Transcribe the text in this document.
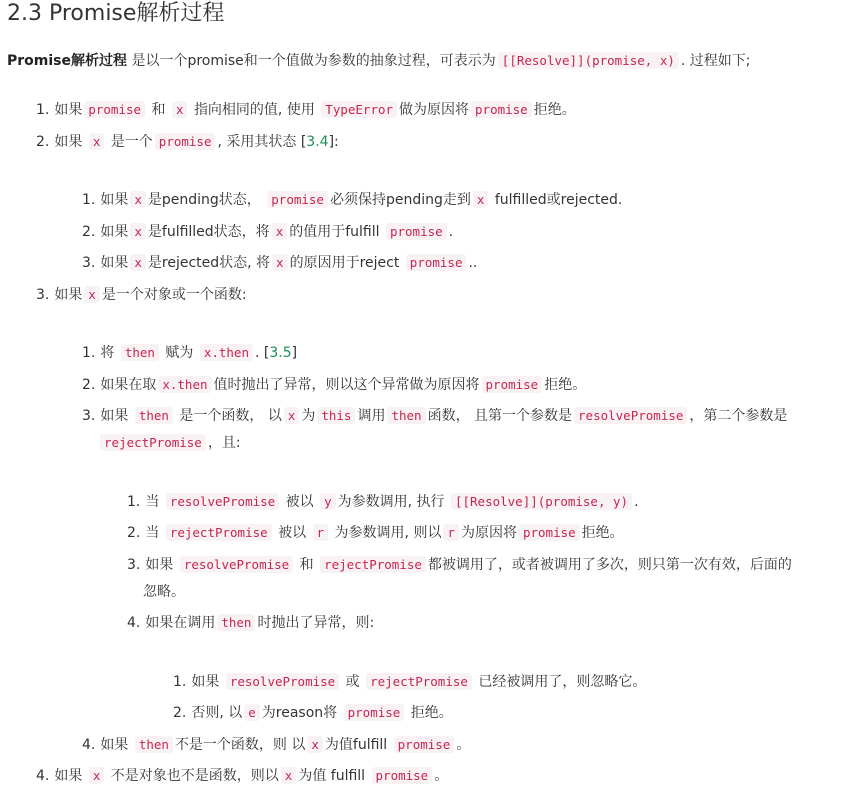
2.3 Promise解析过程
Promise解析过程 是以一个promise和一个值做为参数的抽象过程，可表示为 [[Resolve]](promise, x) . 过程如下;
1. 如果 promise 和 x 指向相同的值, 使用 TypeError 做为原因将 promise 拒绝。
2. 如果 x 是一个 promise , 采用其状态 [3.4]:
1. 如果 x 是pending状态， promise 必须保持pending走到 x fulfilled或rejected.
2. 如果 x 是fulfilled状态，将 x 的值用于fulfill promise .
3. 如果 x 是rejected状态, 将 x 的原因用于reject promise ..
3. 如果 x 是一个对象或一个函数:
1. 将 then 赋为 x.then . [3.5]
2. 如果在取 x.then 值时抛出了异常，则以这个异常做为原因将 promise 拒绝。
3. 如果 then 是一个函数， 以 x 为 this 调用 then 函数， 且第一个参数是 resolvePromise ，第二个参数是
rejectPromise ，且:
1. 当 resolvePromise 被以 y 为参数调用, 执行 [[Resolve]](promise, y) .
2. 当 rejectPromise 被以 r 为参数调用, 则以 r 为原因将 promise 拒绝。
3. 如果 resolvePromise 和 rejectPromise 都被调用了，或者被调用了多次，则只第一次有效，后面的
忽略。
4. 如果在调用 then 时抛出了异常，则:
1. 如果 resolvePromise 或 rejectPromise 已经被调用了，则忽略它。
2. 否则, 以 e 为reason将 promise 拒绝。
4. 如果 then 不是一个函数，则 以 x 为值fulfill promise 。
4. 如果 x 不是对象也不是函数，则以 x 为值 fulfill promise 。
